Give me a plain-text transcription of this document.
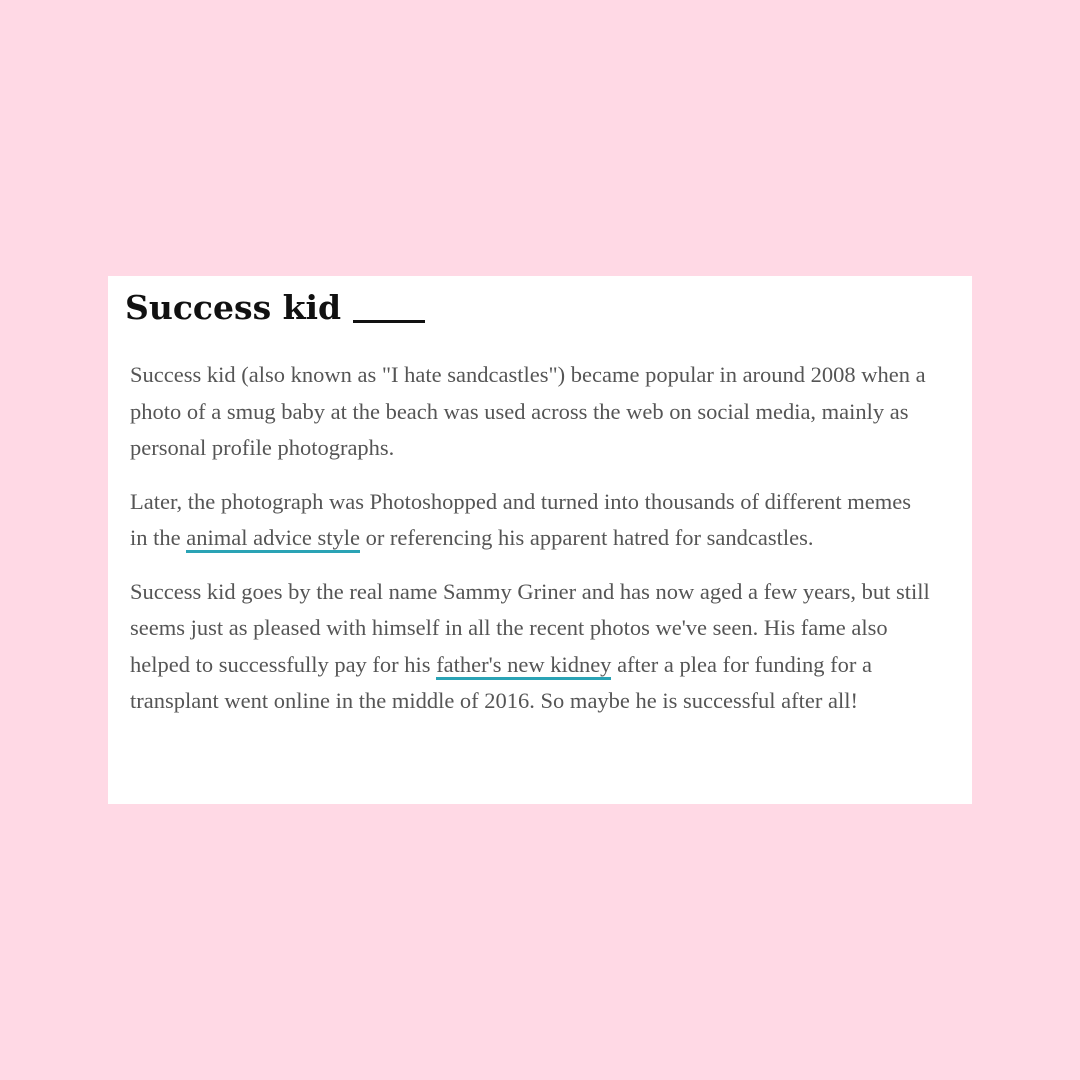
Success kid

Success kid (also known as "I hate sandcastles") became popular in around 2008 when a photo of a smug baby at the beach was used across the web on social media, mainly as personal profile photographs.

Later, the photograph was Photoshopped and turned into thousands of different memes in the animal advice style or referencing his apparent hatred for sandcastles.

Success kid goes by the real name Sammy Griner and has now aged a few years, but still seems just as pleased with himself in all the recent photos we've seen. His fame also helped to successfully pay for his father's new kidney after a plea for funding for a transplant went online in the middle of 2016. So maybe he is successful after all!
